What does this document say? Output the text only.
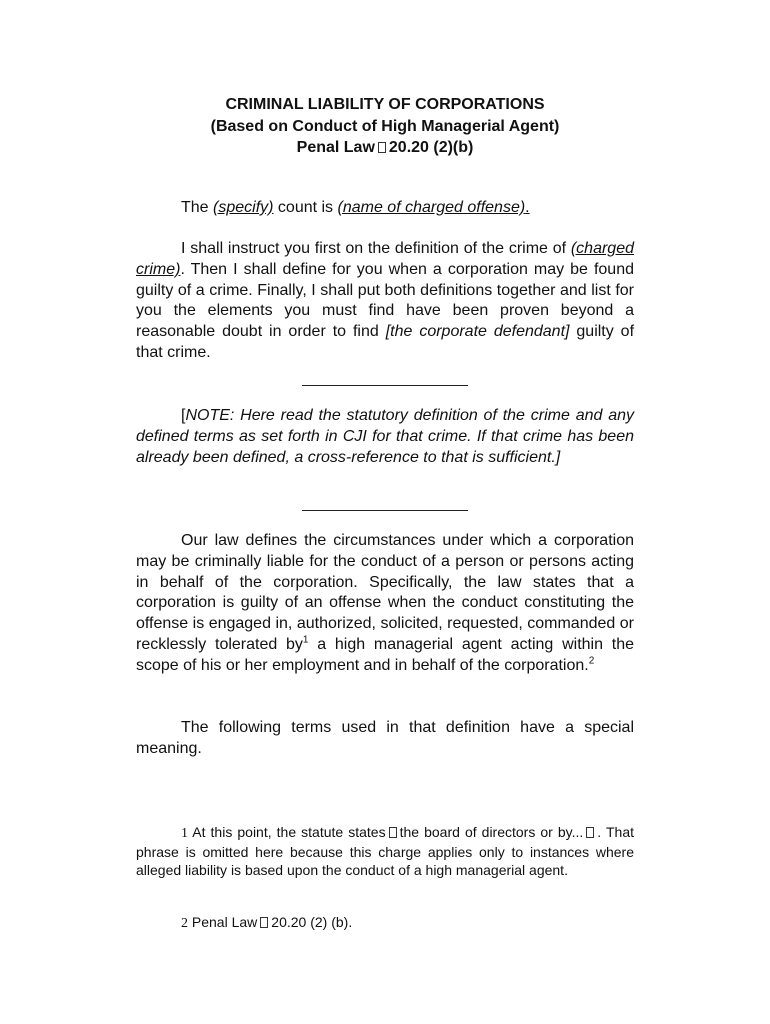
CRIMINAL LIABILITY OF CORPORATIONS
(Based on Conduct of High Managerial Agent)
Penal Law 20.20 (2)(b)
The (specify) count is (name of charged offense).
I shall instruct you first on the definition of the crime of (charged crime). Then I shall define for you when a corporation may be found guilty of a crime. Finally, I shall put both definitions together and list for you the elements you must find have been proven beyond a reasonable doubt in order to find [the corporate defendant] guilty of that crime.
[NOTE: Here read the statutory definition of the crime and any defined terms as set forth in CJI for that crime. If that crime has been already been defined, a cross-reference to that is sufficient.]
Our law defines the circumstances under which a corporation may be criminally liable for the conduct of a person or persons acting in behalf of the corporation. Specifically, the law states that a corporation is guilty of an offense when the conduct constituting the offense is engaged in, authorized, solicited, requested, commanded or recklessly tolerated $by^1$ a high managerial agent acting within the scope of his or her employment and in behalf of the corporation.$^2$
The following terms used in that definition have a special meaning.
1 At this point, the statute states the board of directors or by... . That phrase is omitted here because this charge applies only to instances where alleged liability is based upon the conduct of a high managerial agent.
2 Penal Law 20.20 (2) (b).
